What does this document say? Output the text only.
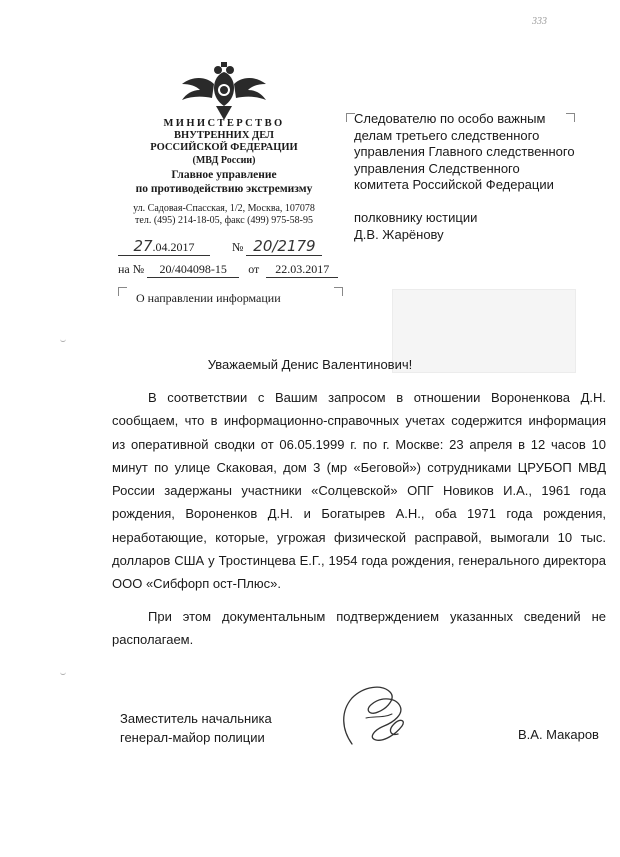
333
МИНИСТЕРСТВО
ВНУТРЕННИХ ДЕЛ
РОССИЙСКОЙ ФЕДЕРАЦИИ
(МВД России)
Главное управление
по противодействию экстремизму
ул. Садовая-Спасская, 1/2, Москва, 107078
тел. (495) 214-18-05, факс (499) 975-58-95
27.04.2017	№ 20/2179
на № 20/404098-15 от 22.03.2017
О направлении информации
Следователю по особо важным
делам третьего следственного
управления Главного следственного
управления Следственного
комитета Российской Федерации
полковнику юстиции
Д.В. Жарёнову
Уважаемый Денис Валентинович!

В соответствии с Вашим запросом в отношении Вороненкова Д.Н. сообщаем, что в информационно-справочных учетах содержится информация из оперативной сводки от 06.05.1999 г. по г. Москве: 23 апреля в 12 часов 10 минут по улице Скаковая, дом 3 (мр «Беговой») сотрудниками ЦРУБОП МВД России задержаны участники «Солцевской» ОПГ Новиков И.А., 1961 года рождения, Вороненков Д.Н. и Богатырев А.Н., оба 1971 года рождения, неработающие, которые, угрожая физической расправой, вымогали 10 тыс. долларов США у Тростинцева Е.Г., 1954 года рождения, генерального директора ООО «Сибфорп ост-Плюс».

При этом документальным подтверждением указанных сведений не располагаем.

Заместитель начальника
генерал-майор полиции	В.А. Макаров
